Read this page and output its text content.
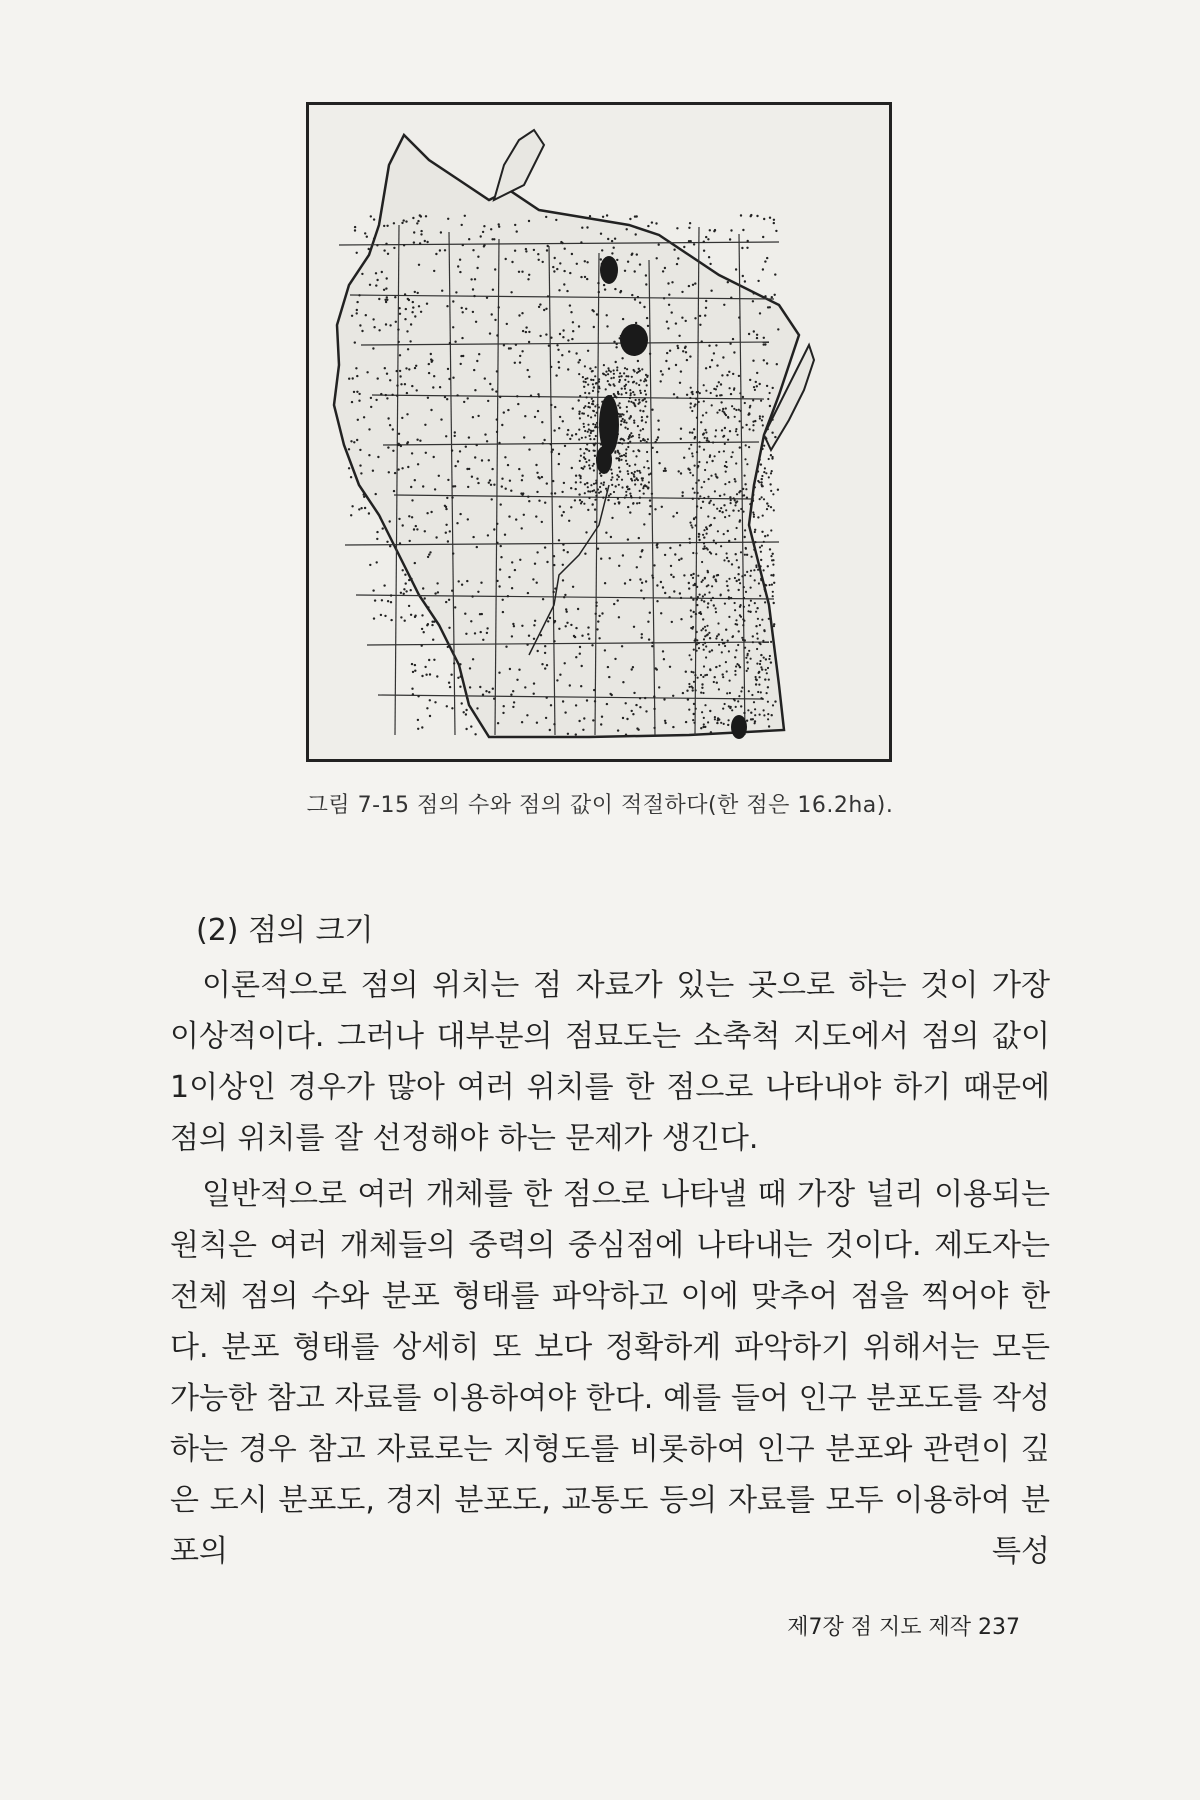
그림 7-15 점의 수와 점의 값이 적절하다(한 점은 16.2ha).
(2) 점의 크기

이론적으로 점의 위치는 점 자료가 있는 곳으로 하는 것이 가장 이상적이다. 그러나 대부분의 점묘도는 소축척 지도에서 점의 값이 1이상인 경우가 많아 여러 위치를 한 점으로 나타내야 하기 때문에 점의 위치를 잘 선정해야 하는 문제가 생긴다.

일반적으로 여러 개체를 한 점으로 나타낼 때 가장 널리 이용되는 원칙은 여러 개체들의 중력의 중심점에 나타내는 것이다. 제도자는 전체 점의 수와 분포 형태를 파악하고 이에 맞추어 점을 찍어야 한다. 분포 형태를 상세히 또 보다 정확하게 파악하기 위해서는 모든 가능한 참고 자료를 이용하여야 한다. 예를 들어 인구 분포도를 작성하는 경우 참고 자료로는 지형도를 비롯하여 인구 분포와 관련이 깊은 도시 분포도, 경지 분포도, 교통도 등의 자료를 모두 이용하여 분포의 특성

제7장 점 지도 제작 237
